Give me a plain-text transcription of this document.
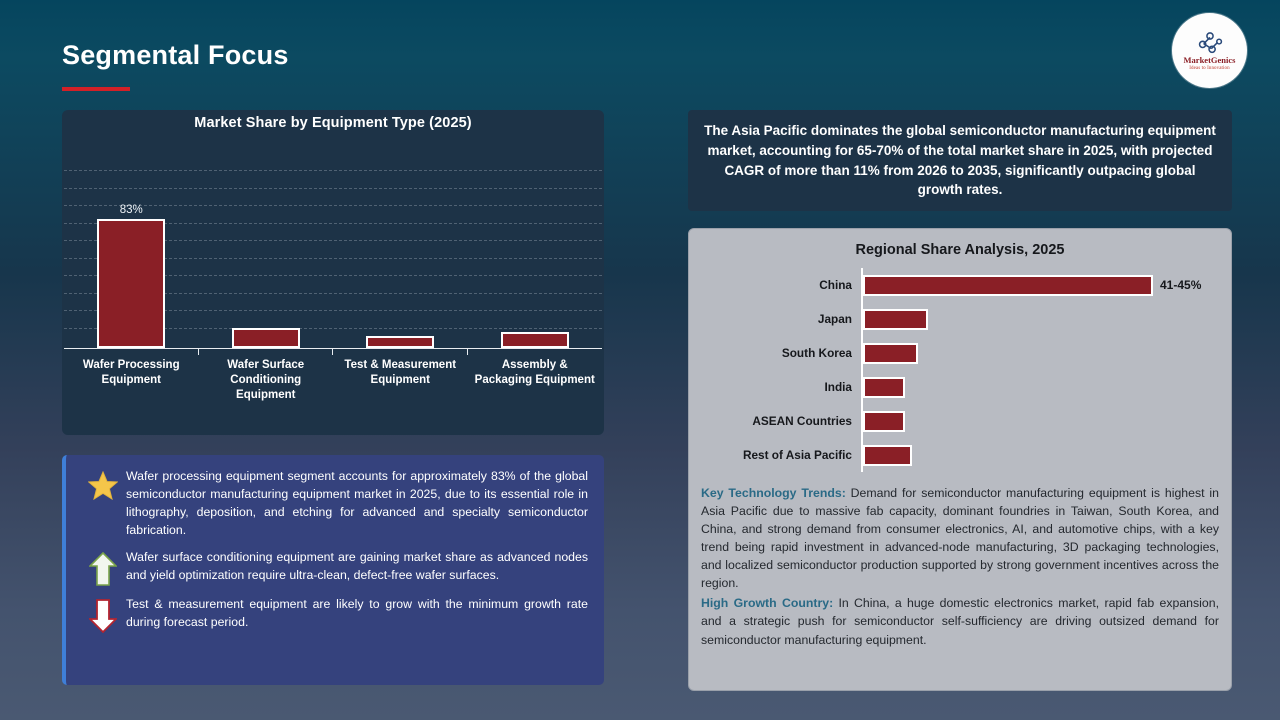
Segmental Focus	MarketGenics
Ideas to Innovation
Market Share by Equipment Type (2025)
83%
Wafer Processing Equipment
Wafer Surface Conditioning Equipment
Test & Measurement Equipment
Assembly & Packaging Equipment
Wafer processing equipment segment accounts for approximately 83% of the global semiconductor manufacturing equipment market in 2025, due to its essential role in lithography, deposition, and etching for advanced and specialty semiconductor fabrication.
Wafer surface conditioning equipment are gaining market share as advanced nodes and yield optimization require ultra-clean, defect-free wafer surfaces.
Test & measurement equipment are likely to grow with the minimum growth rate during forecast period.
The Asia Pacific dominates the global semiconductor manufacturing equipment market, accounting for 65-70% of the total market share in 2025, with projected CAGR of more than 11% from 2026 to 2035, significantly outpacing global growth rates.
Regional Share Analysis, 2025
China	41-45%
Japan
South Korea
India
ASEAN Countries
Rest of Asia Pacific

Key Technology Trends: Demand for semiconductor manufacturing equipment is highest in Asia Pacific due to massive fab capacity, dominant foundries in Taiwan, South Korea, and China, and strong demand from consumer electronics, AI, and automotive chips, with a key trend being rapid investment in advanced-node manufacturing, 3D packaging technologies, and localized semiconductor production supported by strong government incentives across the region.

High Growth Country: In China, a huge domestic electronics market, rapid fab expansion, and a strategic push for semiconductor self-sufficiency are driving outsized demand for semiconductor manufacturing equipment.
